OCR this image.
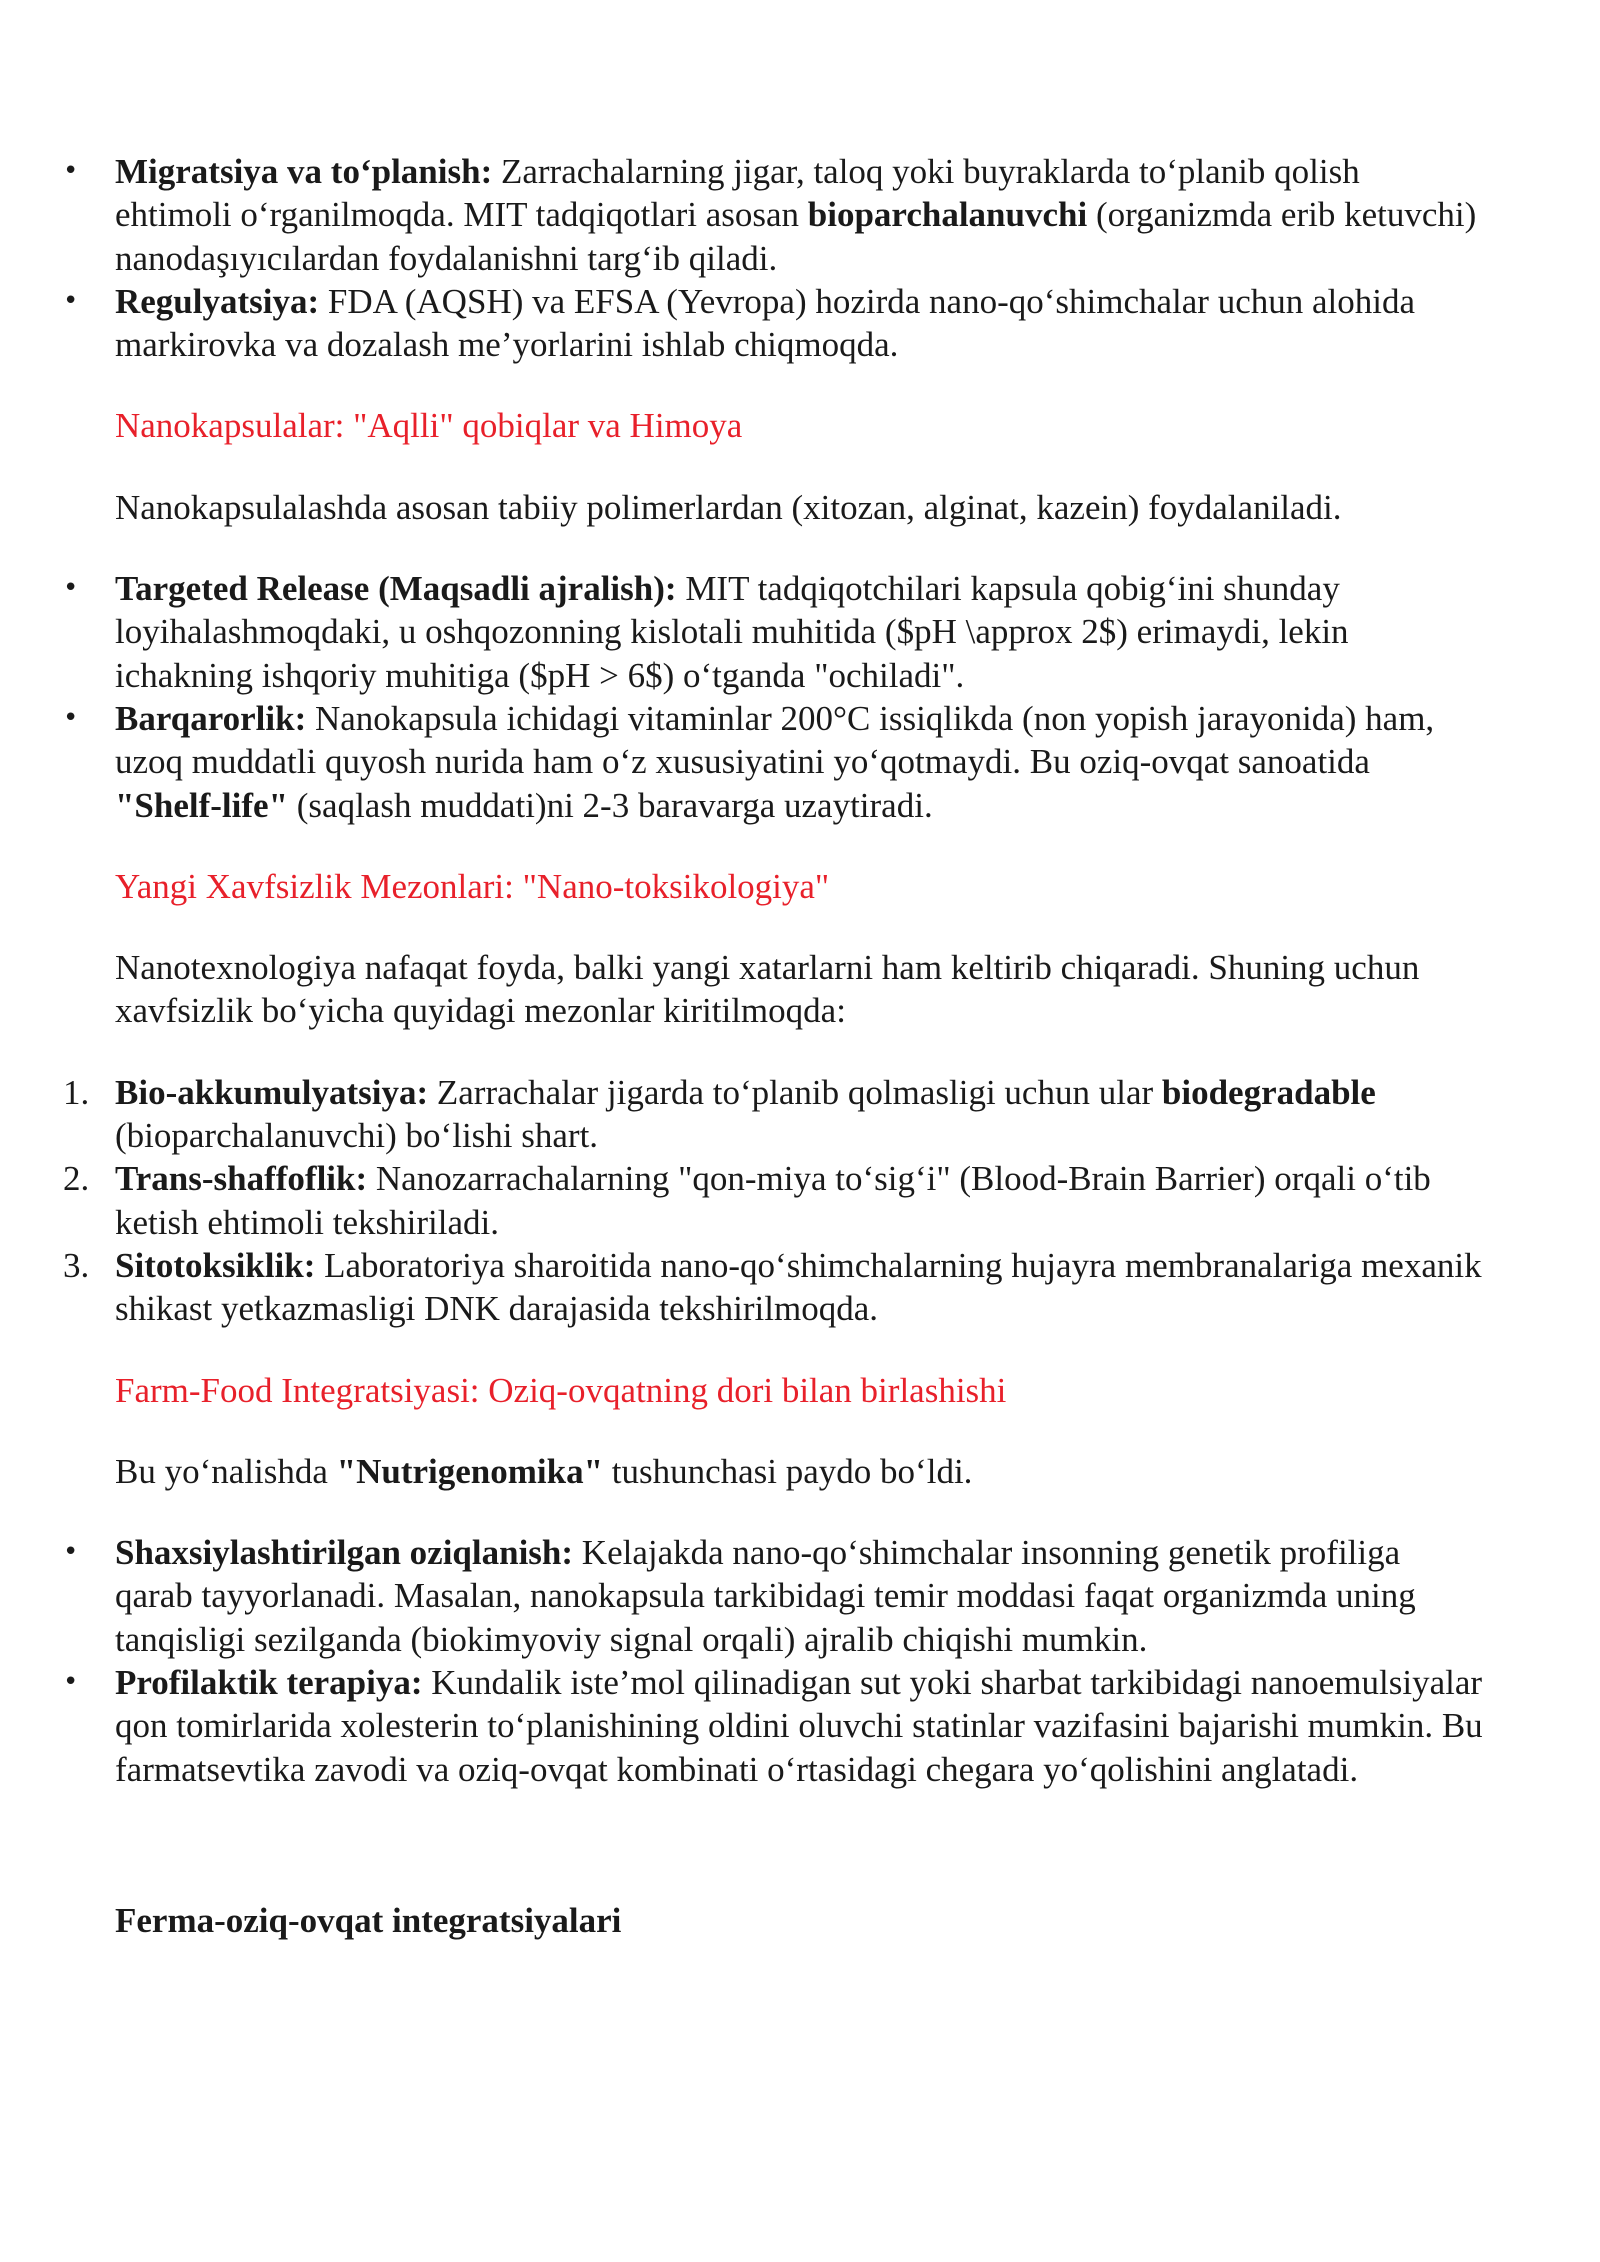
• Migratsiya va to‘planish: Zarrachalarning jigar, taloq yoki buyraklarda to‘planib qolish ehtimoli o‘rganilmoqda. MIT tadqiqotlari asosan bioparchalanuvchi (organizmda erib ketuvchi) nanodaşıyıcılardan foydalanishni targ‘ib qiladi.
• Regulyatsiya: FDA (AQSH) va EFSA (Yevropa) hozirda nano-qo‘shimchalar uchun alohida markirovka va dozalash me’yorlarini ishlab chiqmoqda.
Nanokapsulalar: "Aqlli" qobiqlar va Himoya
Nanokapsulalashda asosan tabiiy polimerlardan (xitozan, alginat, kazein) foydalaniladi.
• Targeted Release (Maqsadli ajralish): MIT tadqiqotchilari kapsula qobig‘ini shunday loyihalashmoqdaki, u oshqozonning kislotali muhitida ($pH \approx 2$) erimaydi, lekin ichakning ishqoriy muhitiga ($pH > 6$) o‘tganda "ochiladi".
• Barqarorlik: Nanokapsula ichidagi vitaminlar 200°C issiqlikda (non yopish jarayonida) ham, uzoq muddatli quyosh nurida ham o‘z xususiyatini yo‘qotmaydi. Bu oziq-ovqat sanoatida "Shelf-life" (saqlash muddati)ni 2-3 baravarga uzaytiradi.
Yangi Xavfsizlik Mezonlari: "Nano-toksikologiya"
Nanotexnologiya nafaqat foyda, balki yangi xatarlarni ham keltirib chiqaradi. Shuning uchun xavfsizlik bo‘yicha quyidagi mezonlar kiritilmoqda:
1. Bio-akkumulyatsiya: Zarrachalar jigarda to‘planib qolmasligi uchun ular biodegradable (bioparchalanuvchi) bo‘lishi shart.
2. Trans-shaffoflik: Nanozarrachalarning "qon-miya to‘sig‘i" (Blood-Brain Barrier) orqali o‘tib ketish ehtimoli tekshiriladi.
3. Sitotoksiklik: Laboratoriya sharoitida nano-qo‘shimchalarning hujayra membranalariga mexanik shikast yetkazmasligi DNK darajasida tekshirilmoqda.
Farm-Food Integratsiyasi: Oziq-ovqatning dori bilan birlashishi
Bu yo‘nalishda "Nutrigenomika" tushunchasi paydo bo‘ldi.
• Shaxsiylashtirilgan oziqlanish: Kelajakda nano-qo‘shimchalar insonning genetik profiliga qarab tayyorlanadi. Masalan, nanokapsula tarkibidagi temir moddasi faqat organizmda uning tanqisligi sezilganda (biokimyoviy signal orqali) ajralib chiqishi mumkin.
• Profilaktik terapiya: Kundalik iste’mol qilinadigan sut yoki sharbat tarkibidagi nanoemulsiyalar qon tomirlarida xolesterin to‘planishining oldini oluvchi statinlar vazifasini bajarishi mumkin. Bu farmatsevtika zavodi va oziq-ovqat kombinati o‘rtasidagi chegara yo‘qolishini anglatadi.
Ferma-oziq-ovqat integratsiyalari
